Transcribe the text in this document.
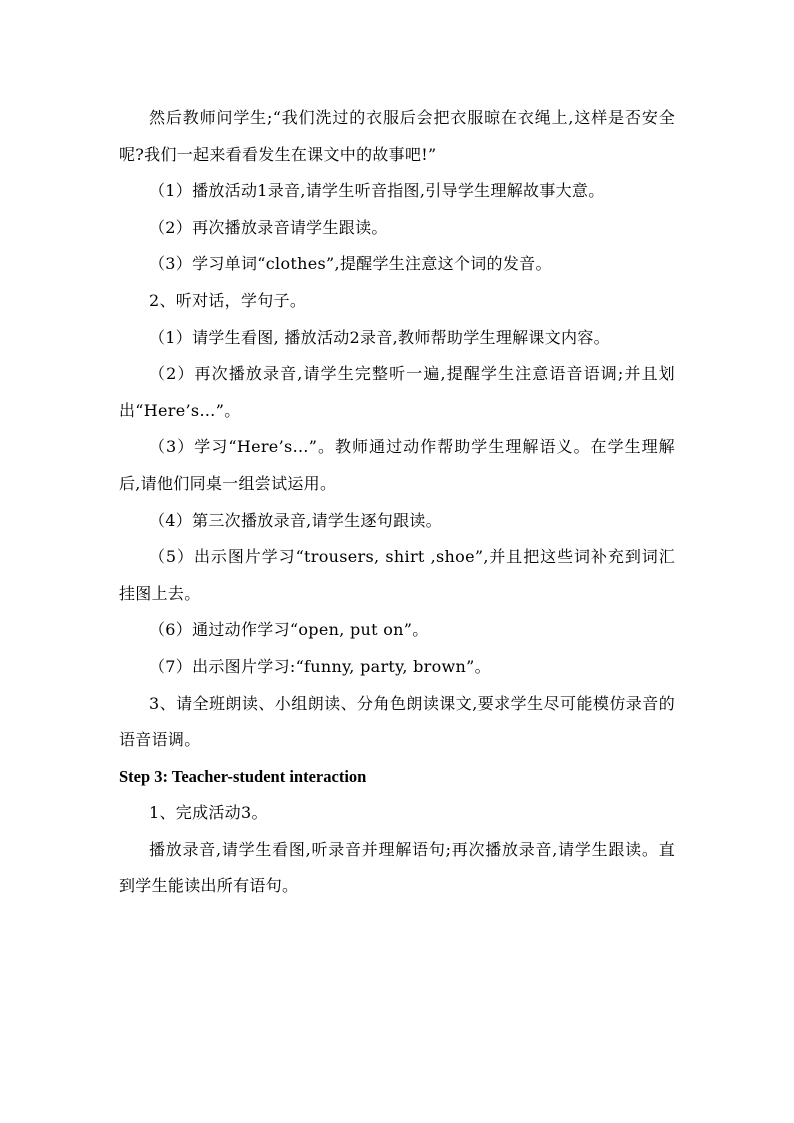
然后教师问学生;“我们洗过的衣服后会把衣服晾在衣绳上,这样是否安全呢?我们一起来看看发生在课文中的故事吧!”

（1）播放活动1录音,请学生听音指图,引导学生理解故事大意。

（2）再次播放录音请学生跟读。

（3）学习单词“clothes”,提醒学生注意这个词的发音。

2、听对话，学句子。

（1）请学生看图, 播放活动2录音,教师帮助学生理解课文内容。

（2）再次播放录音,请学生完整听一遍,提醒学生注意语音语调;并且划出“Here’s…”。

（3）学习“Here’s…”。教师通过动作帮助学生理解语义。在学生理解后,请他们同桌一组尝试运用。

（4）第三次播放录音,请学生逐句跟读。

（5）出示图片学习“trousers, shirt ,shoe”,并且把这些词补充到词汇挂图上去。

（6）通过动作学习“open, put on”。

（7）出示图片学习:“funny, party, brown”。

3、请全班朗读、小组朗读、分角色朗读课文,要求学生尽可能模仿录音的语音语调。

Step 3: Teacher-student interaction

1、完成活动3。

播放录音,请学生看图,听录音并理解语句;再次播放录音,请学生跟读。直到学生能读出所有语句。
